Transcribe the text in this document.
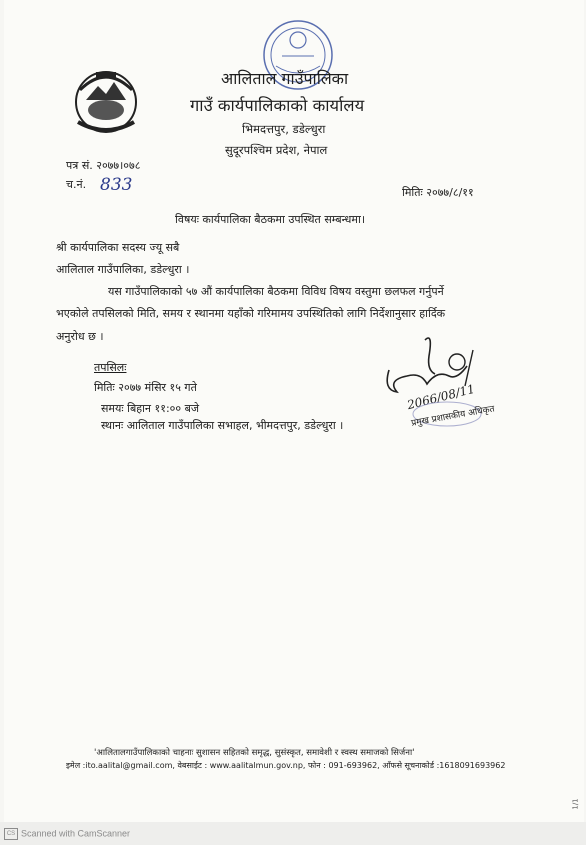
आलिताल गाउँपालिका
गाउँ कार्यपालिकाको कार्यालय
भिमदत्तपुर, डडेल्धुरा
सुदूरपश्चिम प्रदेश, नेपाल
पत्र सं. २०७७।०७८
च.नं. 833	मितिः २०७७/८/११
विषयः कार्यपालिका बैठकमा उपस्थित सम्बन्धमा।
श्री कार्यपालिका सदस्य ज्यू सबै
आलिताल गाउँपालिका, डडेल्धुरा ।
यस गाउँपालिकाको ५७ औं कार्यपालिका बैठकमा विविध विषय वस्तुमा छलफल गर्नुपर्ने
भएकोले तपसिलको मिति, समय र स्थानमा यहाँको गरिमामय उपस्थितिको लागि निर्देशानुसार हार्दिक
अनुरोध छ ।
तपसिलः
मितिः २०७७ मंसिर १५ गते
समयः बिहान ११:०० बजे
स्थानः आलिताल गाउँपालिका सभाहल, भीमदत्तपुर, डडेल्धुरा ।
2066/08/11
प्रमुख प्रशासकीय अधिकृत
'आलितालगाउँपालिकाको चाहनाः सुशासन सहितको समृद्ध, सुसंस्कृत, समावेशी र स्वस्थ समाजको सिर्जना'
इमेल :ito.aalital@gmail.com, वेबसाईट : www.aalitalmun.gov.np, फोन : 091-693962, आँफसे सूचनाकोर्ड :1618091693962
1/1
CS Scanned with CamScanner
